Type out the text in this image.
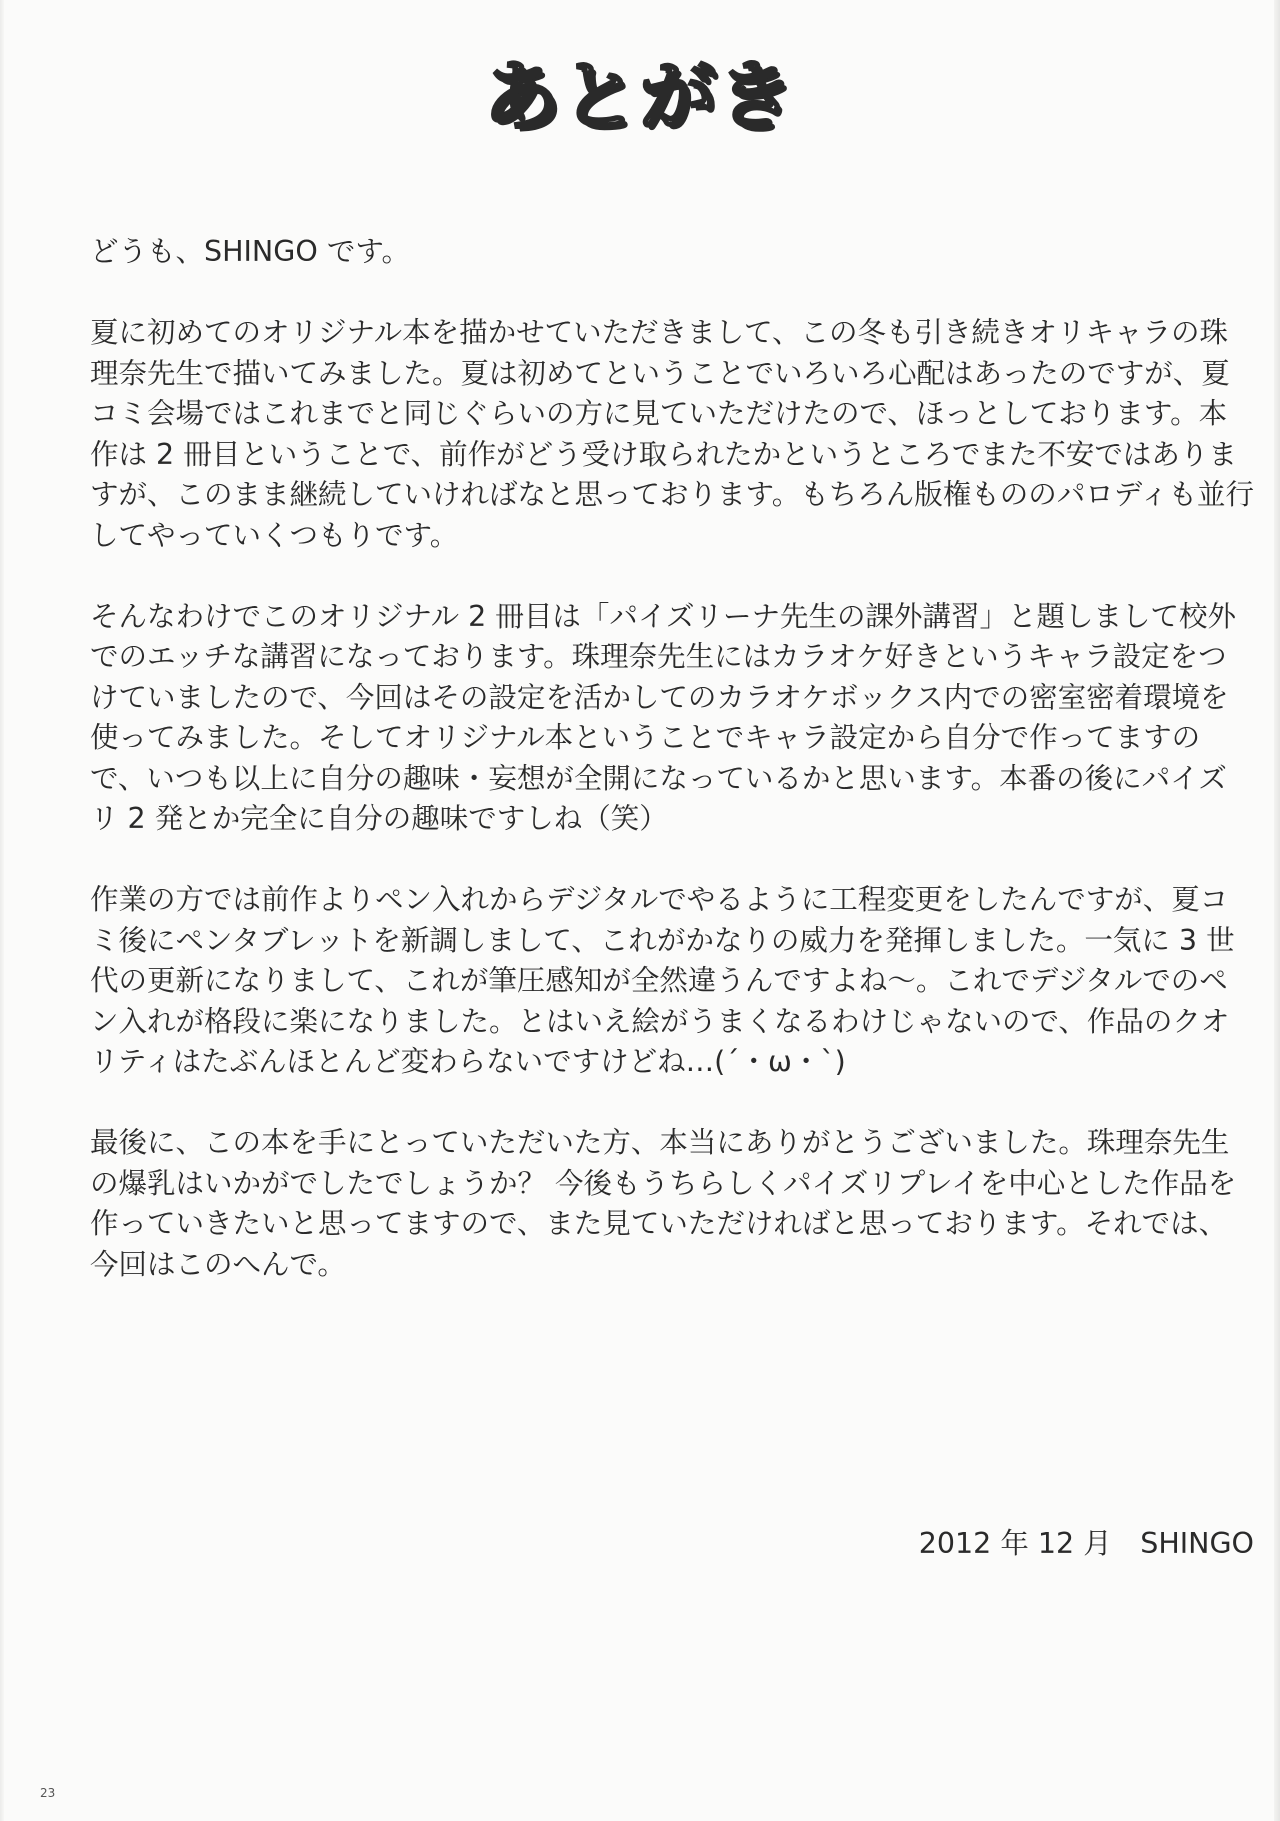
あとがき

どうも、SHINGO です。

夏に初めてのオリジナル本を描かせていただきまして、この冬も引き続きオリキャラの珠理奈先生で描いてみました。夏は初めてということでいろいろ心配はあったのですが、夏コミ会場ではこれまでと同じぐらいの方に見ていただけたので、ほっとしております。本作は 2 冊目ということで、前作がどう受け取られたかというところでまた不安ではありますが、このまま継続していければなと思っております。もちろん版権もののパロディも並行してやっていくつもりです。

そんなわけでこのオリジナル 2 冊目は「パイズリーナ先生の課外講習」と題しまして校外でのエッチな講習になっております。珠理奈先生にはカラオケ好きというキャラ設定をつけていましたので、今回はその設定を活かしてのカラオケボックス内での密室密着環境を使ってみました。そしてオリジナル本ということでキャラ設定から自分で作ってますので、いつも以上に自分の趣味・妄想が全開になっているかと思います。本番の後にパイズリ 2 発とか完全に自分の趣味ですしね（笑）

作業の方では前作よりペン入れからデジタルでやるように工程変更をしたんですが、夏コミ後にペンタブレットを新調しまして、これがかなりの威力を発揮しました。一気に 3 世代の更新になりまして、これが筆圧感知が全然違うんですよね〜。これでデジタルでのペン入れが格段に楽になりました。とはいえ絵がうまくなるわけじゃないので、作品のクオリティはたぶんほとんど変わらないですけどね…(´・ω・`)

最後に、この本を手にとっていただいた方、本当にありがとうございました。珠理奈先生の爆乳はいかがでしたでしょうか？ 今後もうちらしくパイズリプレイを中心とした作品を作っていきたいと思ってますので、また見ていただければと思っております。それでは、今回はこのへんで。

2012 年 12 月　SHINGO
23
